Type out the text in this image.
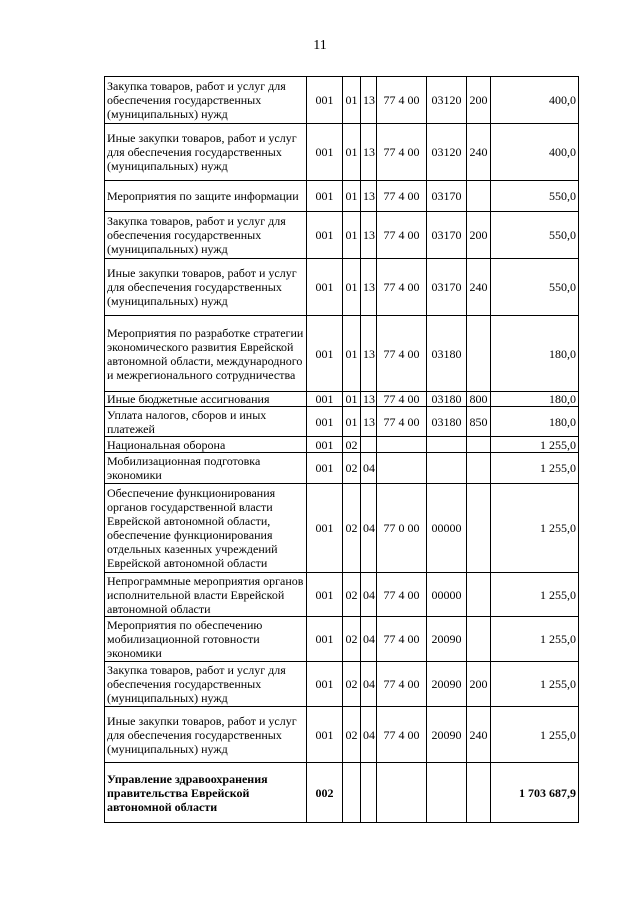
11
Закупка товаров, работ и услуг для обеспечения государственных (муниципальных) нужд	001	01	13	77 4 00	03120	200	400,0
Иные закупки товаров, работ и услуг для обеспечения государственных (муниципальных) нужд	001	01	13	77 4 00	03120	240	400,0
Мероприятия по защите информации	001	01	13	77 4 00	03170		550,0
Закупка товаров, работ и услуг для обеспечения государственных (муниципальных) нужд	001	01	13	77 4 00	03170	200	550,0
Иные закупки товаров, работ и услуг для обеспечения государственных (муниципальных) нужд	001	01	13	77 4 00	03170	240	550,0
Мероприятия по разработке стратегии экономического развития Еврейской автономной области, международного и межрегионального сотрудничества	001	01	13	77 4 00	03180		180,0
Иные бюджетные ассигнования	001	01	13	77 4 00	03180	800	180,0
Уплата налогов, сборов и иных платежей	001	01	13	77 4 00	03180	850	180,0
Национальная оборона	001	02					1 255,0
Мобилизационная подготовка экономики	001	02	04				1 255,0
Обеспечение функционирования органов государственной власти Еврейской автономной области, обеспечение функционирования отдельных казенных учреждений Еврейской автономной области	001	02	04	77 0 00	00000		1 255,0
Непрограммные мероприятия органов исполнительной власти Еврейской автономной области	001	02	04	77 4 00	00000		1 255,0
Мероприятия по обеспечению мобилизационной готовности экономики	001	02	04	77 4 00	20090		1 255,0
Закупка товаров, работ и услуг для обеспечения государственных (муниципальных) нужд	001	02	04	77 4 00	20090	200	1 255,0
Иные закупки товаров, работ и услуг для обеспечения государственных (муниципальных) нужд	001	02	04	77 4 00	20090	240	1 255,0
Управление здравоохранения правительства Еврейской автономной области	002						1 703 687,9
